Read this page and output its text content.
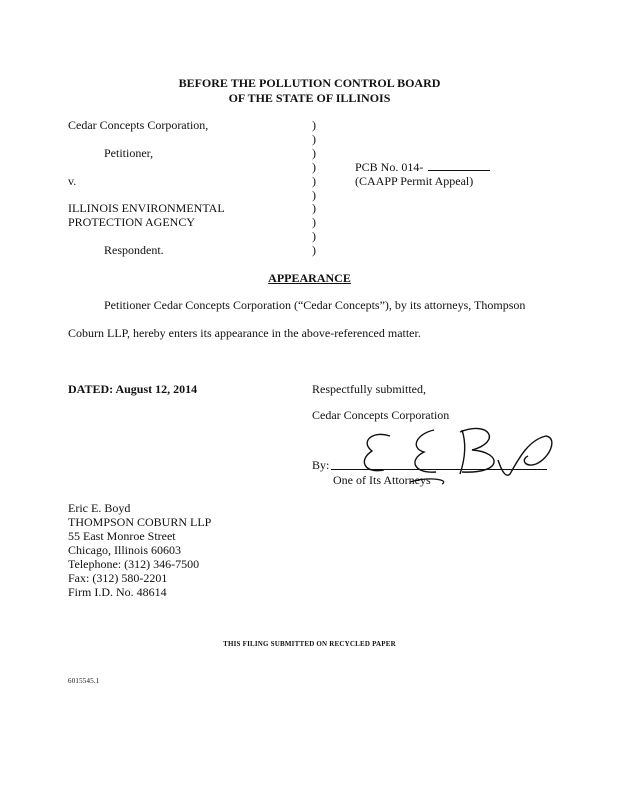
BEFORE THE POLLUTION CONTROL BOARD
OF THE STATE OF ILLINOIS
Cedar Concepts Corporation,
Petitioner,
v.
ILLINOIS ENVIRONMENTAL
PROTECTION AGENCY
Respondent.
)
)
)
)
)
)
)
)
)
)
PCB No. 014-
(CAAPP Permit Appeal)
APPEARANCE
Petitioner Cedar Concepts Corporation (“Cedar Concepts”), by its attorneys, Thompson
Coburn LLP, hereby enters its appearance in the above-referenced matter.
DATED: August 12, 2014	Respectfully submitted,
Cedar Concepts Corporation
By:
One of Its Attorneys
Eric E. Boyd
THOMPSON COBURN LLP
55 East Monroe Street
Chicago, Illinois 60603
Telephone: (312) 346-7500
Fax: (312) 580-2201
Firm I.D. No. 48614
THIS FILING SUBMITTED ON RECYCLED PAPER
6015545.1
